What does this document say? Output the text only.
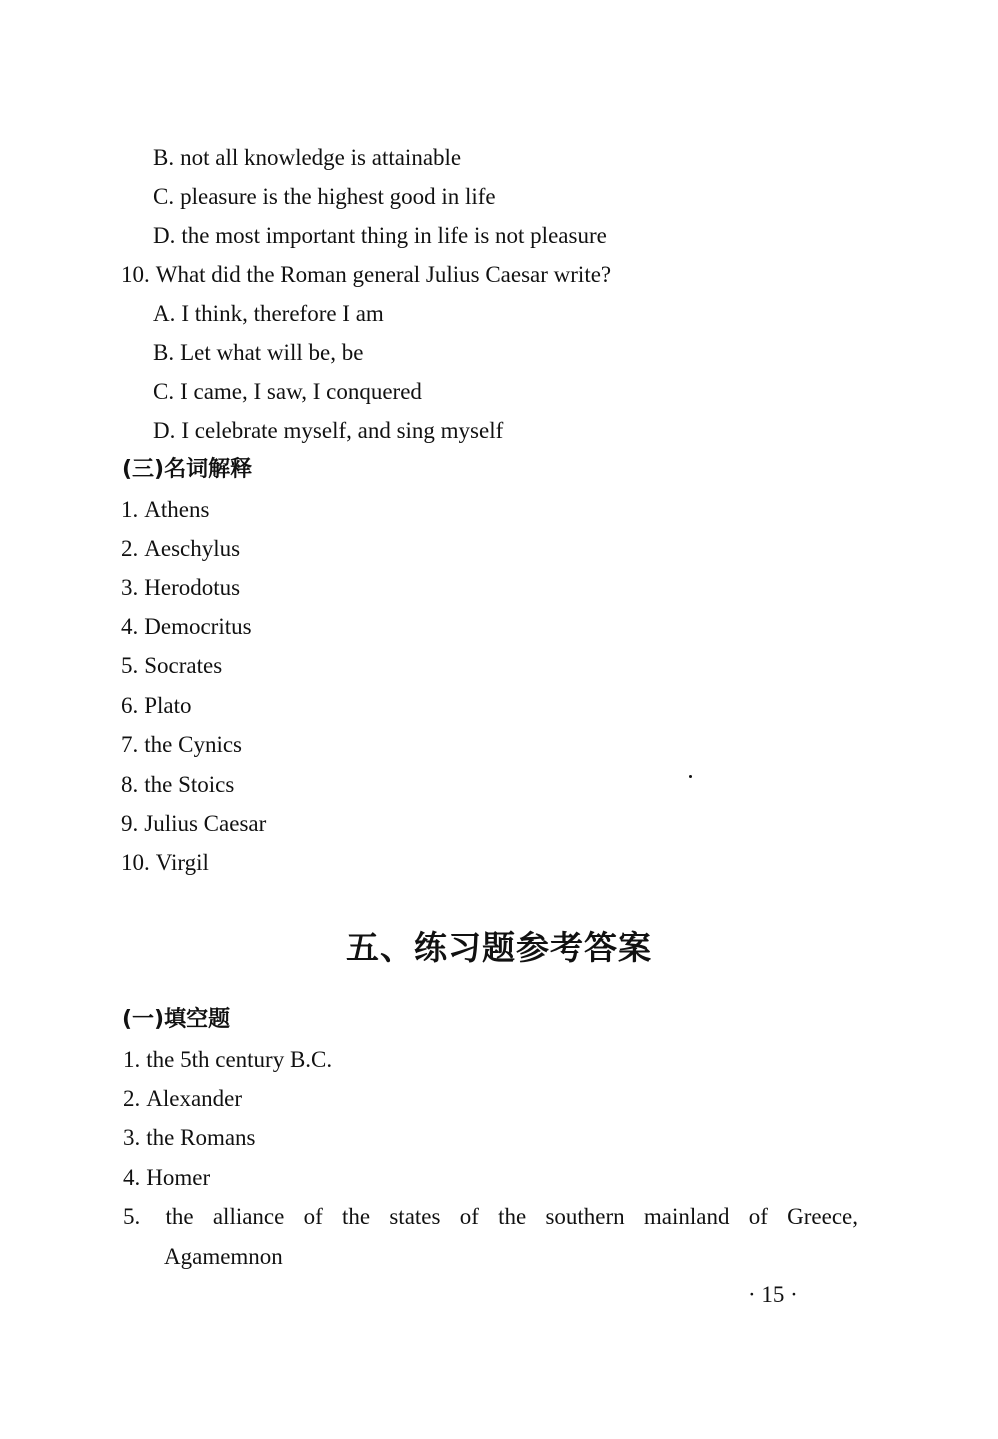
B. not all knowledge is attainable
C. pleasure is the highest good in life
D. the most important thing in life is not pleasure
10. What did the Roman general Julius Caesar write?
A. I think, therefore I am
B. Let what will be, be
C. I came, I saw, I conquered
D. I celebrate myself, and sing myself
(三)名词解释
1. Athens
2. Aeschylus
3. Herodotus
4. Democritus
5. Socrates
6. Plato
7. the Cynics
8. the Stoics
9. Julius Caesar
10. Virgil
五、练习题参考答案
(一)填空题
1. the 5th century B.C.
2. Alexander
3. the Romans
4. Homer
5. the alliance of the states of the southern mainland of Greece,
Agamemnon
· 15 ·
